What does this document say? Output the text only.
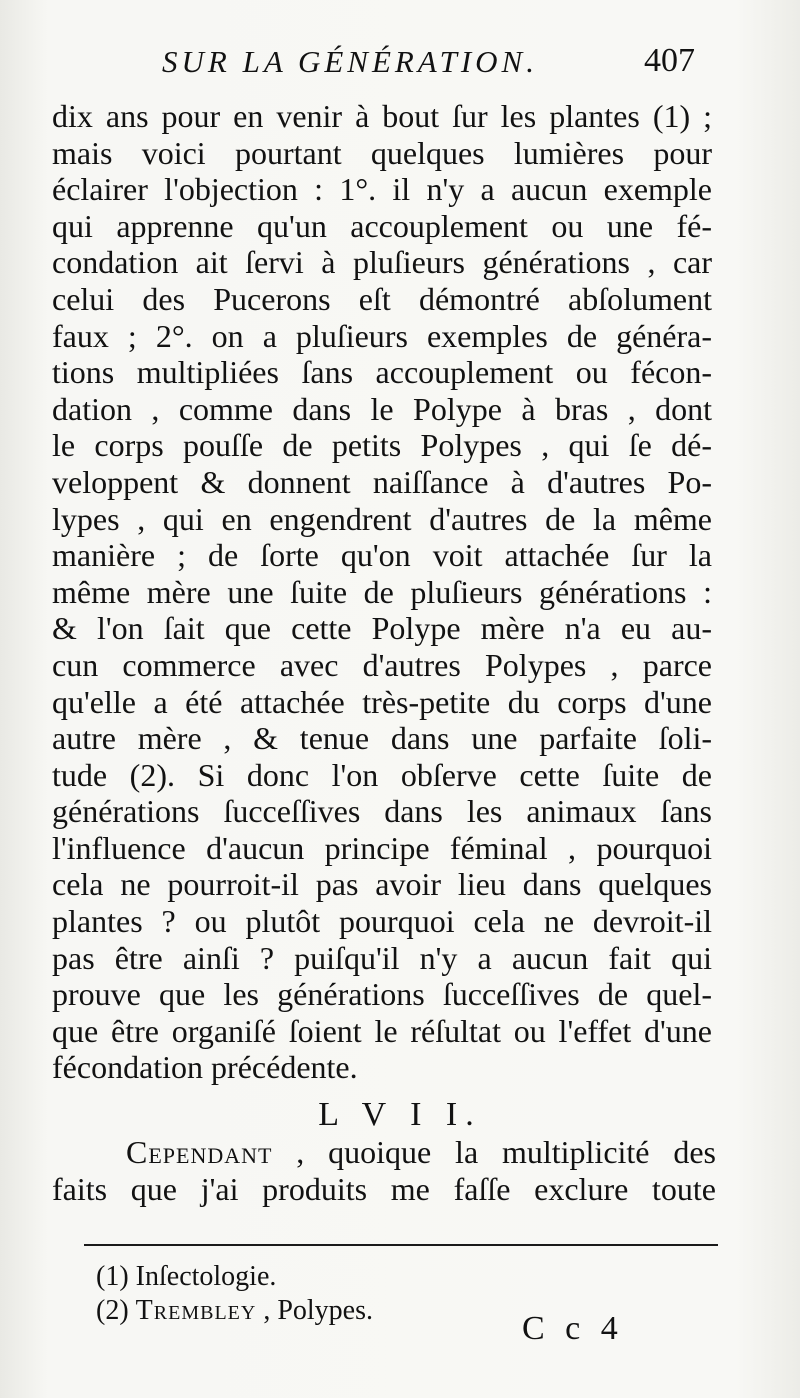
SUR LA GÉNÉRATION.	407
dix ans pour en venir à bout ſur les plantes (1) ;
mais voici pourtant quelques lumières pour
éclairer l'objection : 1°. il n'y a aucun exemple
qui apprenne qu'un accouplement ou une fé-
condation ait ſervi à pluſieurs générations , car
celui des Pucerons eſt démontré abſolument
faux ; 2°. on a pluſieurs exemples de généra-
tions multipliées ſans accouplement ou fécon-
dation , comme dans le Polype à bras , dont
le corps pouſſe de petits Polypes , qui ſe dé-
veloppent & donnent naiſſance à d'autres Po-
lypes , qui en engendrent d'autres de la même
manière ; de ſorte qu'on voit attachée ſur la
même mère une ſuite de pluſieurs générations :
& l'on ſait que cette Polype mère n'a eu au-
cun commerce avec d'autres Polypes , parce
qu'elle a été attachée très-petite du corps d'une
autre mère , & tenue dans une parfaite ſoli-
tude (2). Si donc l'on obſerve cette ſuite de
générations ſucceſſives dans les animaux ſans
l'influence d'aucun principe féminal , pourquoi
cela ne pourroit-il pas avoir lieu dans quelques
plantes ? ou plutôt pourquoi cela ne devroit-il
pas être ainſi ? puiſqu'il n'y a aucun fait qui
prouve que les générations ſucceſſives de quel-
que être organiſé ſoient le réſultat ou l'effet d'une
fécondation précédente.
L V I I.
Cependant , quoique la multiplicité des
faits que j'ai produits me faſſe exclure toute
(1) Inſectologie.
(2) Trembley , Polypes.	C c 4
